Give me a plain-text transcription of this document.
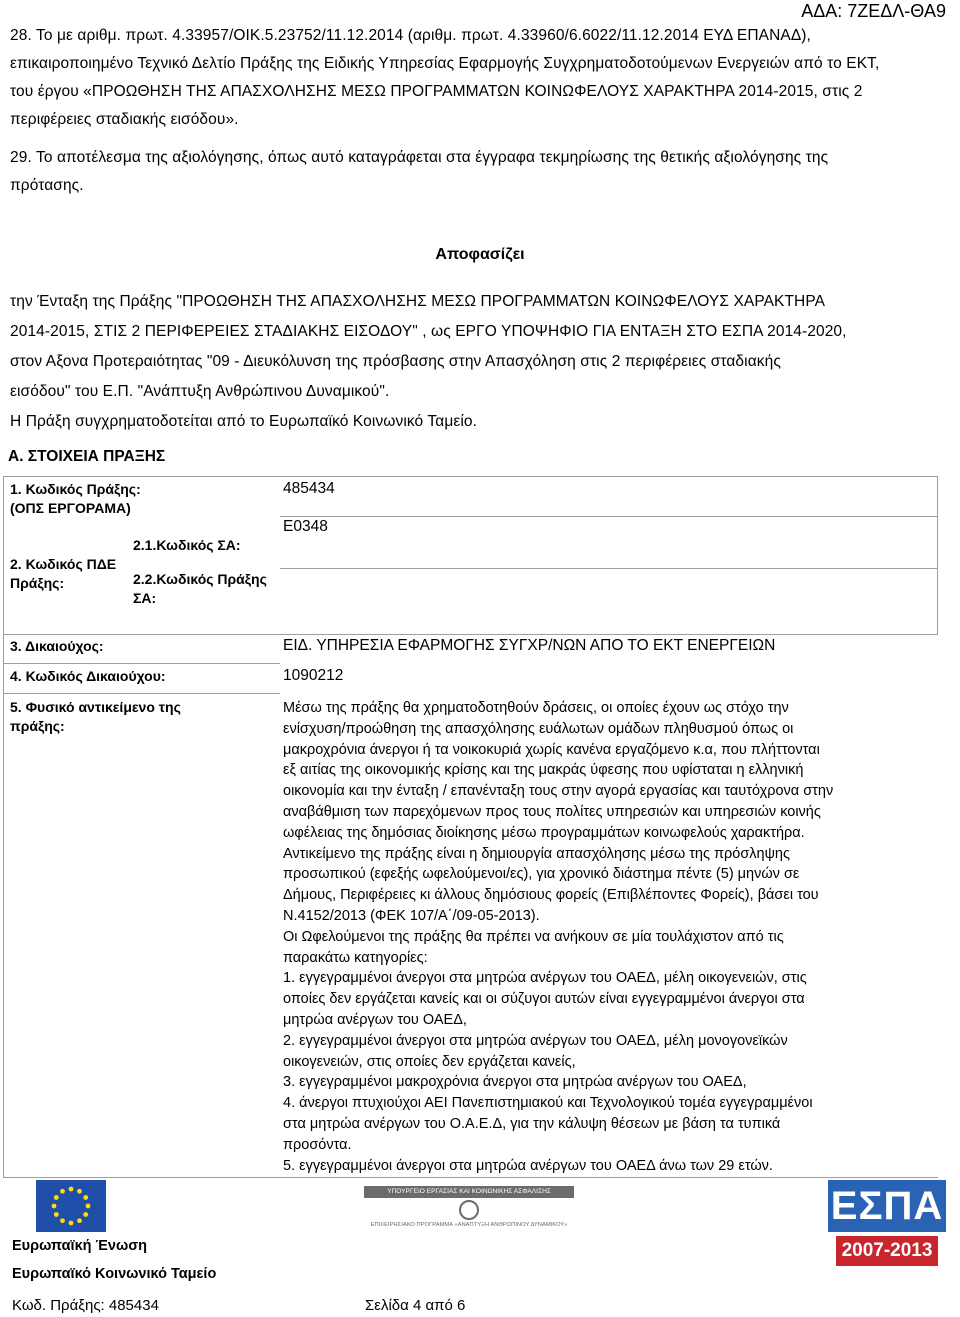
ΑΔΑ: 7ΖΕΔΛ-ΘΑ9
28. Το με αριθμ. πρωτ. 4.33957/ΟΙΚ.5.23752/11.12.2014 (αριθμ. πρωτ. 4.33960/6.6022/11.12.2014 ΕΥΔ ΕΠΑΝΑΔ),
επικαιροποιημένο Τεχνικό Δελτίο Πράξης της Ειδικής Υπηρεσίας Εφαρμογής Συγχρηματοδοτούμενων Ενεργειών από το ΕΚΤ,
του έργου «ΠΡΟΩΘΗΣΗ ΤΗΣ ΑΠΑΣΧΟΛΗΣΗΣ ΜΕΣΩ ΠΡΟΓΡΑΜΜΑΤΩΝ ΚΟΙΝΩΦΕΛΟΥΣ ΧΑΡΑΚΤΗΡΑ 2014-2015, στις 2
περιφέρειες σταδιακής εισόδου».
29. Το αποτέλεσμα της αξιολόγησης, όπως αυτό καταγράφεται στα έγγραφα τεκμηρίωσης της θετικής αξιολόγησης της
πρότασης.
Αποφασίζει
την Ένταξη της Πράξης "ΠΡΟΩΘΗΣΗ ΤΗΣ ΑΠΑΣΧΟΛΗΣΗΣ ΜΕΣΩ ΠΡΟΓΡΑΜΜΑΤΩΝ ΚΟΙΝΩΦΕΛΟΥΣ ΧΑΡΑΚΤΗΡΑ
2014-2015, ΣΤΙΣ 2 ΠΕΡΙΦΕΡΕΙΕΣ ΣΤΑΔΙΑΚΗΣ ΕΙΣΟΔΟΥ" , ως ΕΡΓΟ ΥΠΟΨΗΦΙΟ ΓΙΑ ΕΝΤΑΞΗ ΣΤΟ ΕΣΠΑ 2014-2020,
στον Αξονα Προτεραιότητας "09 - Διευκόλυνση της πρόσβασης στην Απασχόληση στις 2 περιφέρειες σταδιακής
εισόδου" του Ε.Π. "Ανάπτυξη Ανθρώπινου Δυναμικού".
Η Πράξη συγχρηματοδοτείται από το Ευρωπαϊκό Κοινωνικό Ταμείο.
Α. ΣΤΟΙΧΕΙΑ ΠΡΑΞΗΣ
1. Κωδικός Πράξης:
(ΟΠΣ ΕΡΓΟΡΑΜΑ)
485434
2. Κωδικός ΠΔΕ
Πράξης:
2.1.Κωδικός ΣΑ:
Ε0348
2.2.Κωδικός Πράξης
ΣΑ:
3. Δικαιούχος:	ΕΙΔ. ΥΠΗΡΕΣΙΑ ΕΦΑΡΜΟΓΗΣ ΣΥΓΧΡ/ΝΩΝ ΑΠΟ ΤΟ ΕΚΤ ΕΝΕΡΓΕΙΩΝ
4. Κωδικός Δικαιούχου:	1090212
5. Φυσικό αντικείμενο της
πράξης:
Μέσω της πράξης θα χρηματοδοτηθούν δράσεις, οι οποίες έχουν ως στόχο την
ενίσχυση/προώθηση της απασχόλησης ευάλωτων ομάδων πληθυσμού όπως οι
μακροχρόνια άνεργοι ή τα νοικοκυριά χωρίς κανένα εργαζόμενο κ.α, που πλήττονται
εξ αιτίας της οικονομικής κρίσης και της μακράς ύφεσης που υφίσταται η ελληνική
οικονομία και την ένταξη / επανένταξη τους στην αγορά εργασίας και ταυτόχρονα στην
αναβάθμιση των παρεχόμενων προς τους πολίτες υπηρεσιών και υπηρεσιών κοινής
ωφέλειας της δημόσιας διοίκησης μέσω προγραμμάτων κοινωφελούς χαρακτήρα.
Αντικείμενο της πράξης είναι η δημιουργία απασχόλησης μέσω της πρόσληψης
προσωπικού (εφεξής ωφελούμενοι/ες), για χρονικό διάστημα πέντε (5) μηνών σε
Δήμους, Περιφέρειες κι άλλους δημόσιους φορείς (Επιβλέποντες Φορείς), βάσει του
Ν.4152/2013 (ΦΕΚ 107/Α΄/09-05-2013).
Οι Ωφελούμενοι της πράξης θα πρέπει να ανήκουν σε μία τουλάχιστον από τις
παρακάτω κατηγορίες:
1. εγγεγραμμένοι άνεργοι στα μητρώα ανέργων του ΟΑΕΔ, μέλη οικογενειών, στις
οποίες δεν εργάζεται κανείς και οι σύζυγοι αυτών είναι εγγεγραμμένοι άνεργοι στα
μητρώα ανέργων του ΟΑΕΔ,
2. εγγεγραμμένοι άνεργοι στα μητρώα ανέργων του ΟΑΕΔ, μέλη μονογονεϊκών
οικογενειών, στις οποίες δεν εργάζεται κανείς,
3. εγγεγραμμένοι μακροχρόνια άνεργοι στα μητρώα ανέργων του ΟΑΕΔ,
4. άνεργοι πτυχιούχοι ΑΕΙ Πανεπιστημιακού και Τεχνολογικού τομέα εγγεγραμμένοι
στα μητρώα ανέργων του Ο.Α.Ε.Δ, για την κάλυψη θέσεων με βάση τα τυπικά
προσόντα.
5. εγγεγραμμένοι άνεργοι στα μητρώα ανέργων του ΟΑΕΔ άνω των 29 ετών.
Ευρωπαϊκή Ένωση
Ευρωπαϊκό Κοινωνικό Ταμείο
ΥΠΟΥΡΓΕΙΟ ΕΡΓΑΣΙΑΣ ΚΑΙ ΚΟΙΝΩΝΙΚΗΣ ΑΣΦΑΛΙΣΗΣ
ΕΠΙΧΕΙΡΗΣΙΑΚΟ ΠΡΟΓΡΑΜΜΑ «ΑΝΑΠΤΥΞΗ ΑΝΘΡΩΠΙΝΟΥ ΔΥΝΑΜΙΚΟΥ»	ΕΣΠΑ
2007-2013
Κωδ. Πράξης: 485434	Σελίδα 4 από 6
